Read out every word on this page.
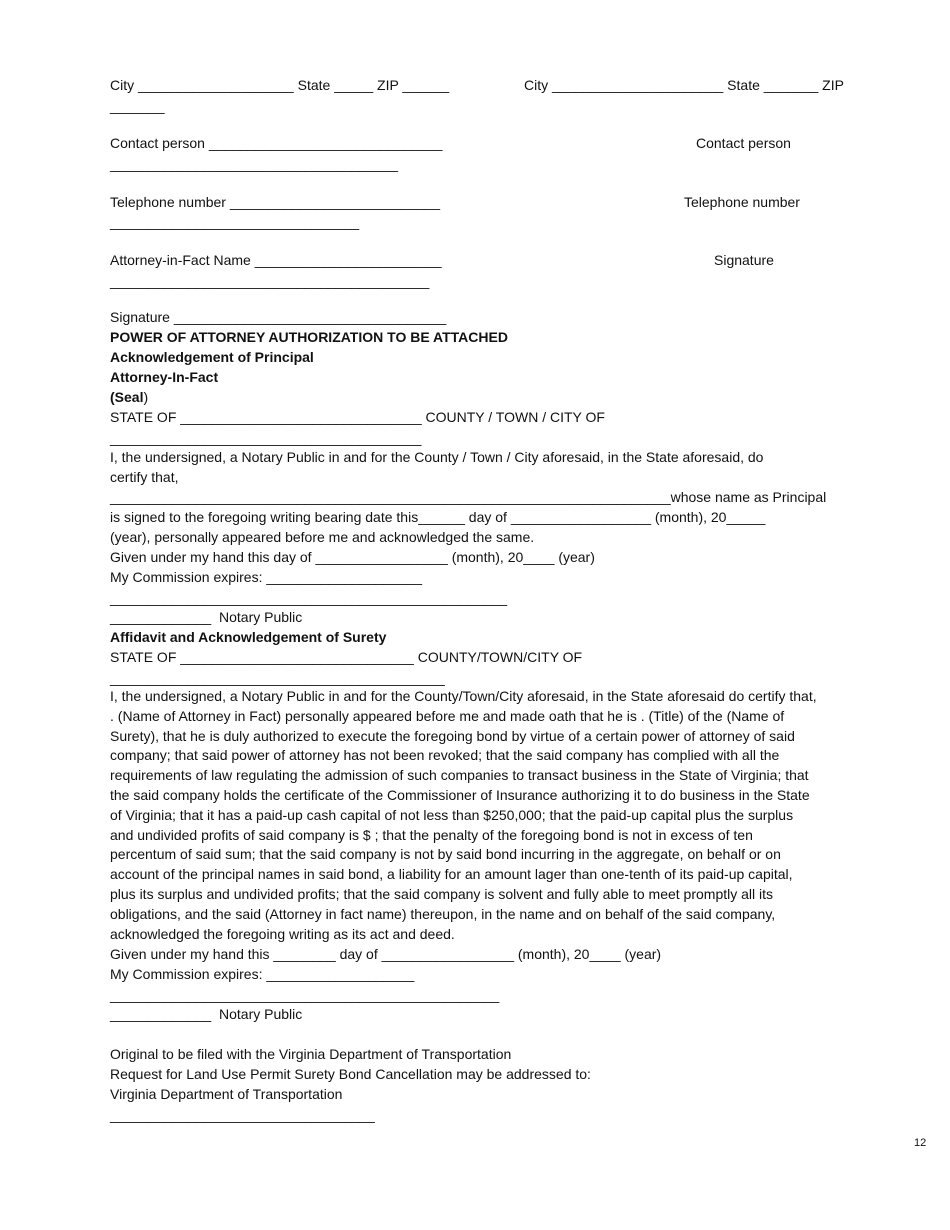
City ____________________ State _____ ZIP ______	City ______________________ State _______ ZIP
_______
Contact person ______________________________	Contact person
_____________________________________
Telephone number ___________________________	Telephone number
________________________________
Attorney-in-Fact Name ________________________	Signature
_________________________________________
Signature ___________________________________
POWER OF ATTORNEY AUTHORIZATION TO BE ATTACHED
Acknowledgement of Principal
Attorney-In-Fact
(Seal)
STATE OF _______________________________ COUNTY / TOWN / CITY OF
________________________________________
I, the undersigned, a Notary Public in and for the County / Town / City aforesaid, in the State aforesaid, do
certify that,
________________________________________________________________________whose name as Principal
is signed to the foregoing writing bearing date this______ day of __________________ (month), 20_____
(year), personally appeared before me and acknowledged the same.
Given under my hand this day of _________________ (month), 20____ (year)
My Commission expires: ____________________
___________________________________________________
_____________  Notary Public
Affidavit and Acknowledgement of Surety
STATE OF ______________________________ COUNTY/TOWN/CITY OF
___________________________________________

I, the undersigned, a Notary Public in and for the County/Town/City aforesaid, in the State aforesaid do certify that, . (Name of Attorney in Fact) personally appeared before me and made oath that he is . (Title) of the (Name of Surety), that he is duly authorized to execute the foregoing bond by virtue of a certain power of attorney of said company; that said power of attorney has not been revoked; that the said company has complied with all the requirements of law regulating the admission of such companies to transact business in the State of Virginia; that the said company holds the certificate of the Commissioner of Insurance authorizing it to do business in the State of Virginia; that it has a paid-up cash capital of not less than $250,000; that the paid-up capital plus the surplus and undivided profits of said company is $ ; that the penalty of the foregoing bond is not in excess of ten percentum of said sum; that the said company is not by said bond incurring in the aggregate, on behalf or on account of the principal names in said bond, a liability for an amount lager than one-tenth of its paid-up capital, plus its surplus and undivided profits; that the said company is solvent and fully able to meet promptly all its obligations, and the said (Attorney in fact name) thereupon, in the name and on behalf of the said company, acknowledged the foregoing writing as its act and deed.

Given under my hand this ________ day of _________________ (month), 20____ (year)
My Commission expires: ___________________
__________________________________________________
_____________  Notary Public
Original to be filed with the Virginia Department of Transportation
Request for Land Use Permit Surety Bond Cancellation may be addressed to:
Virginia Department of Transportation
__________________________________
12
